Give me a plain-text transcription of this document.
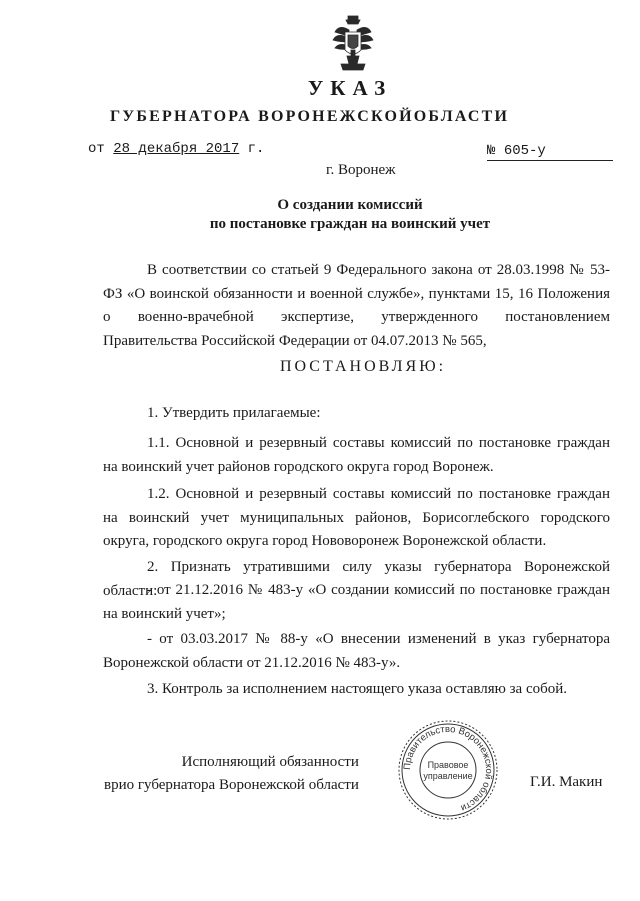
УКАЗ
ГУБЕРНАТОРА ВОРОНЕЖСКОЙОБЛАСТИ
от 28 декабря 2017 г.	№ 605-у
г. Воронеж
О создании комиссий
по постановке граждан на воинский учет

В соответствии со статьей 9 Федерального закона от 28.03.1998 № 53-ФЗ «О воинской обязанности и военной службе», пунктами 15, 16 Положения о военно-врачебной экспертизе, утвержденного постановлением Правительства Российской Федерации от 04.07.2013 № 565,

ПОСТАНОВЛЯЮ:

1. Утвердить прилагаемые:

1.1. Основной и резервный составы комиссий по постановке граждан на воинский учет районов городского округа город Воронеж.

1.2. Основной и резервный составы комиссий по постановке граждан на воинский учет муниципальных районов, Борисоглебского городского округа, городского округа город Нововоронеж Воронежской области.

2. Признать утратившими силу указы губернатора Воронежской области:

- от 21.12.2016 № 483-у «О создании комиссий по постановке граждан на воинский учет»;

- от 03.03.2017 № 88-у «О внесении изменений в указ губернатора Воронежской области от 21.12.2016 № 483-у».

3. Контроль за исполнением настоящего указа оставляю за собой.

Исполняющий обязанности
врио губернатора Воронежской области
Правительство Воронежской области
Правовое
управление	Г.И. Макин
